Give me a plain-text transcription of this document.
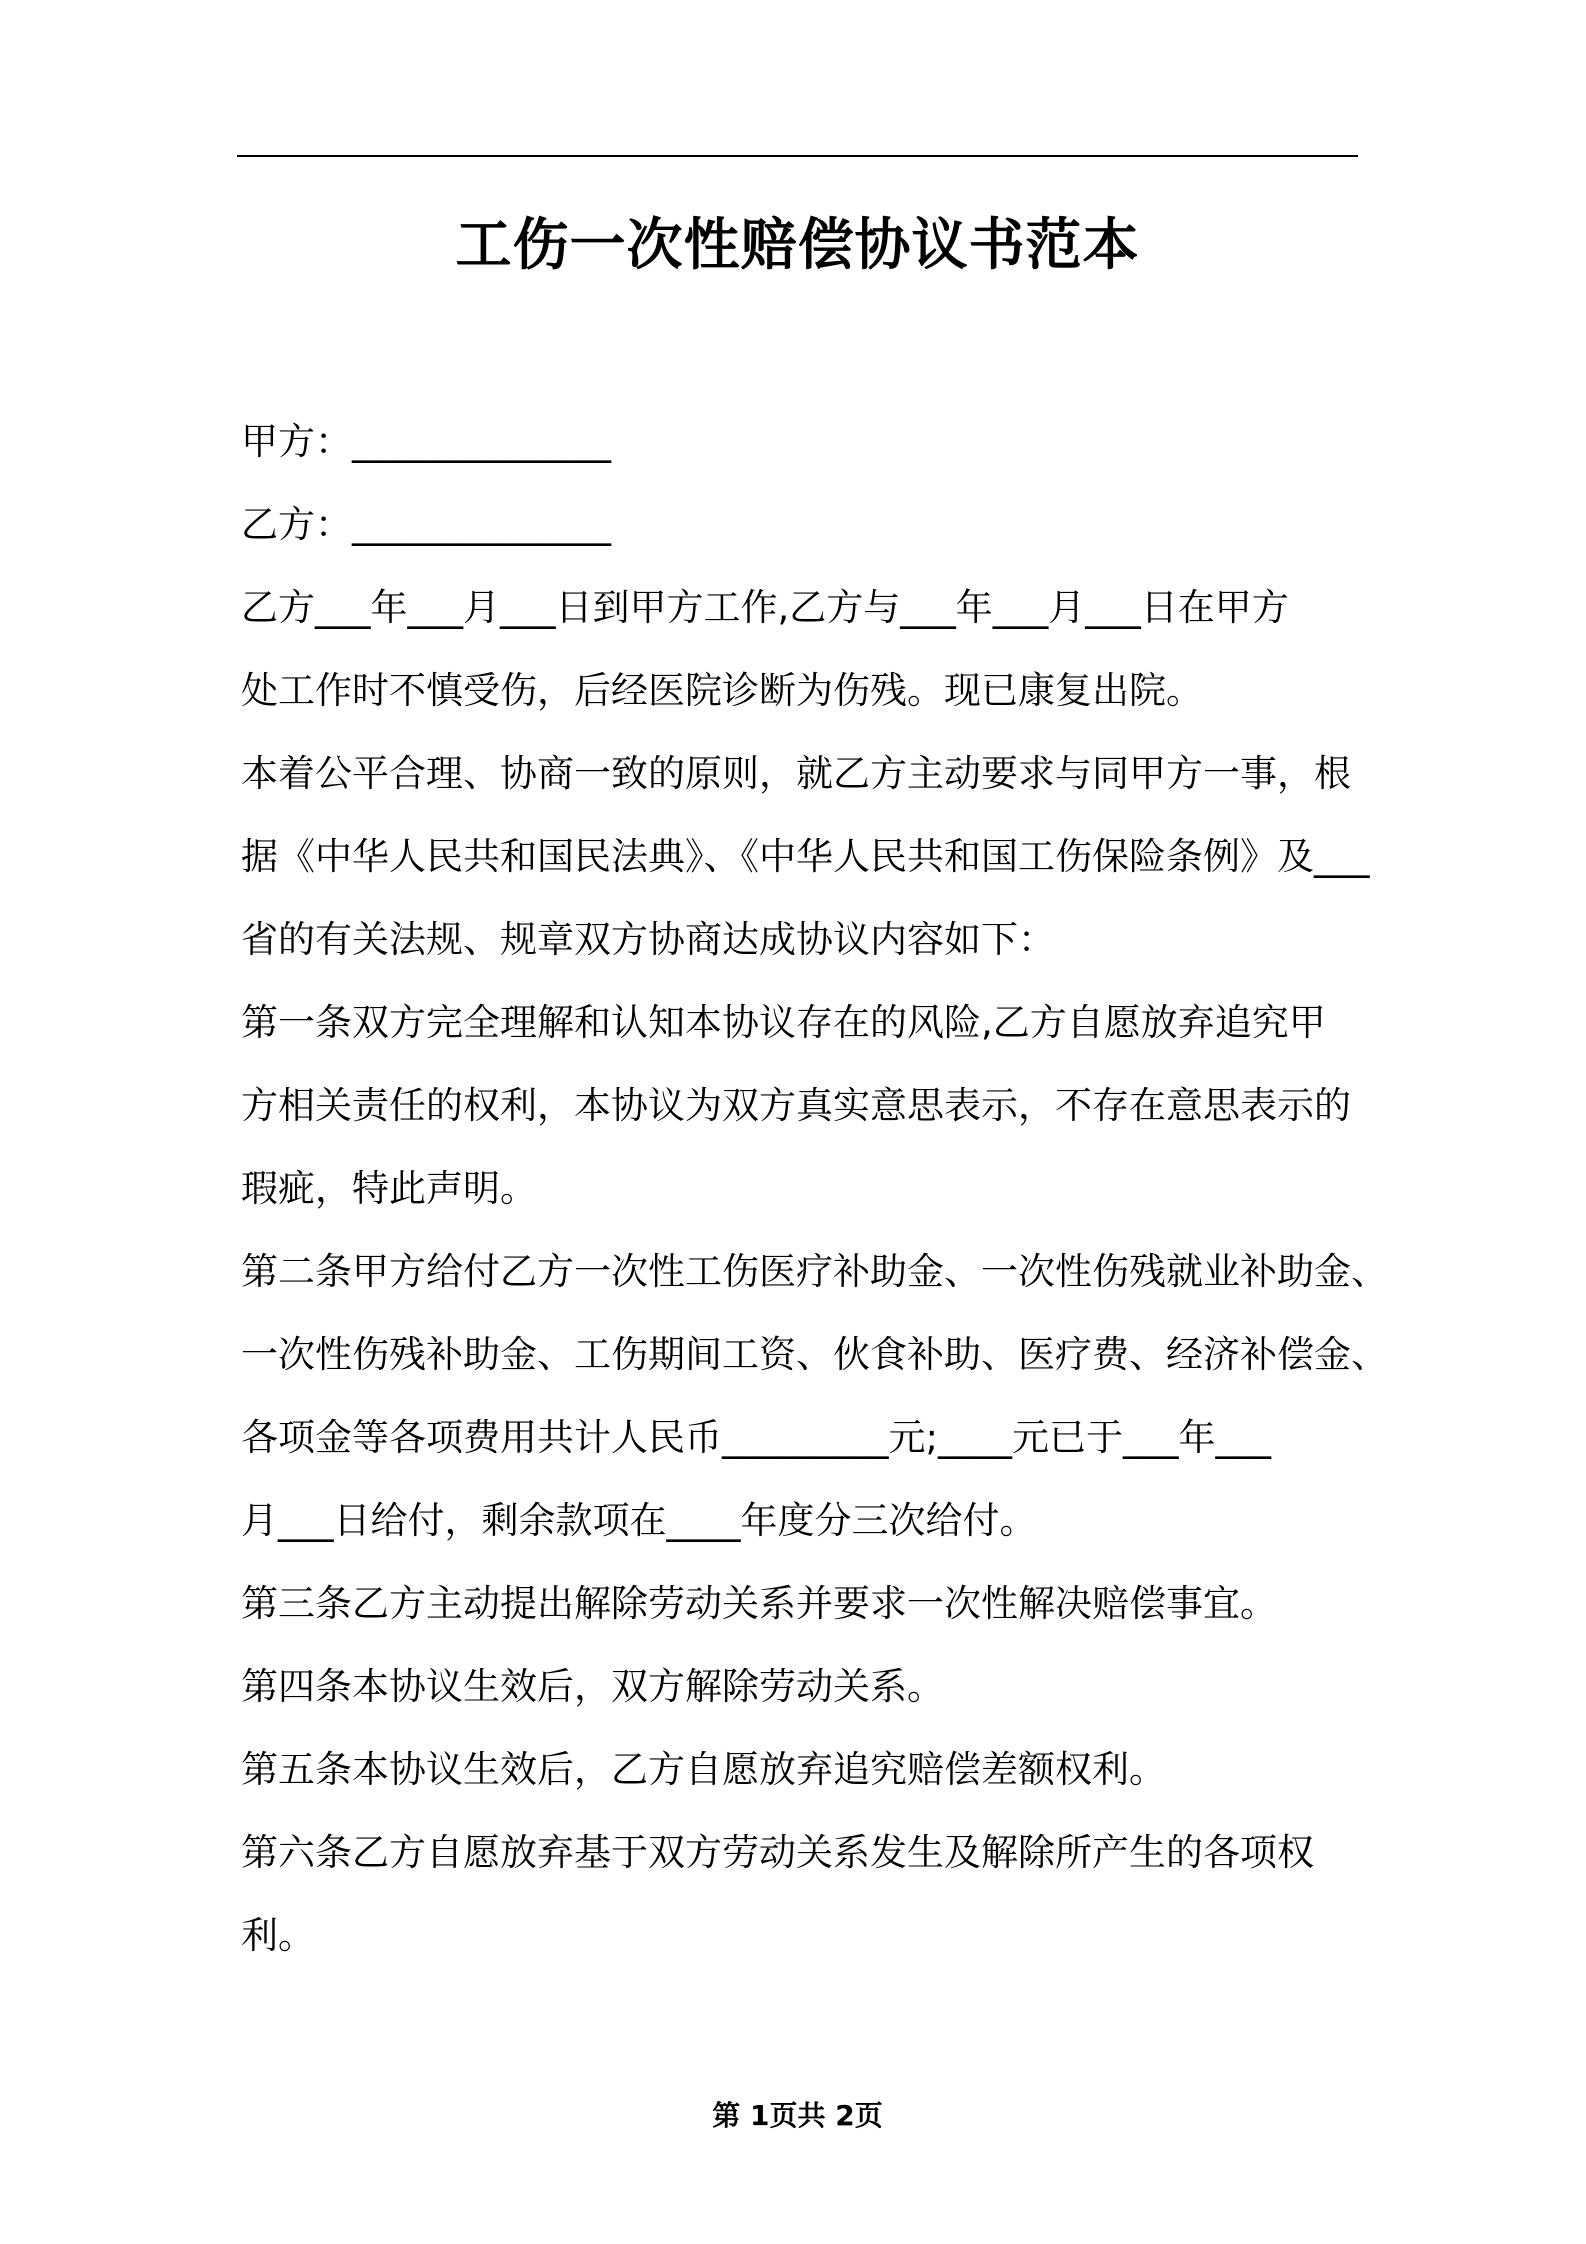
工伤一次性赔偿协议书范本
甲方：______________
乙方：______________
乙方___年___月___日到甲方工作,乙方与___年___月___日在甲方
处工作时不慎受伤，后经医院诊断为伤残。现已康复出院。
本着公平合理、协商一致的原则，就乙方主动要求与同甲方一事，根
据《中华人民共和国民法典》、《中华人民共和国工伤保险条例》及___
省的有关法规、规章双方协商达成协议内容如下：
第一条双方完全理解和认知本协议存在的风险,乙方自愿放弃追究甲
方相关责任的权利，本协议为双方真实意思表示，不存在意思表示的
瑕疵，特此声明。
第二条甲方给付乙方一次性工伤医疗补助金、一次性伤残就业补助金、
一次性伤残补助金、工伤期间工资、伙食补助、医疗费、经济补偿金、
各项金等各项费用共计人民币_________元;____元已于___年___
月___日给付，剩余款项在____年度分三次给付。
第三条乙方主动提出解除劳动关系并要求一次性解决赔偿事宜。
第四条本协议生效后，双方解除劳动关系。
第五条本协议生效后，乙方自愿放弃追究赔偿差额权利。
第六条乙方自愿放弃基于双方劳动关系发生及解除所产生的各项权
利。
第 1页共 2页
